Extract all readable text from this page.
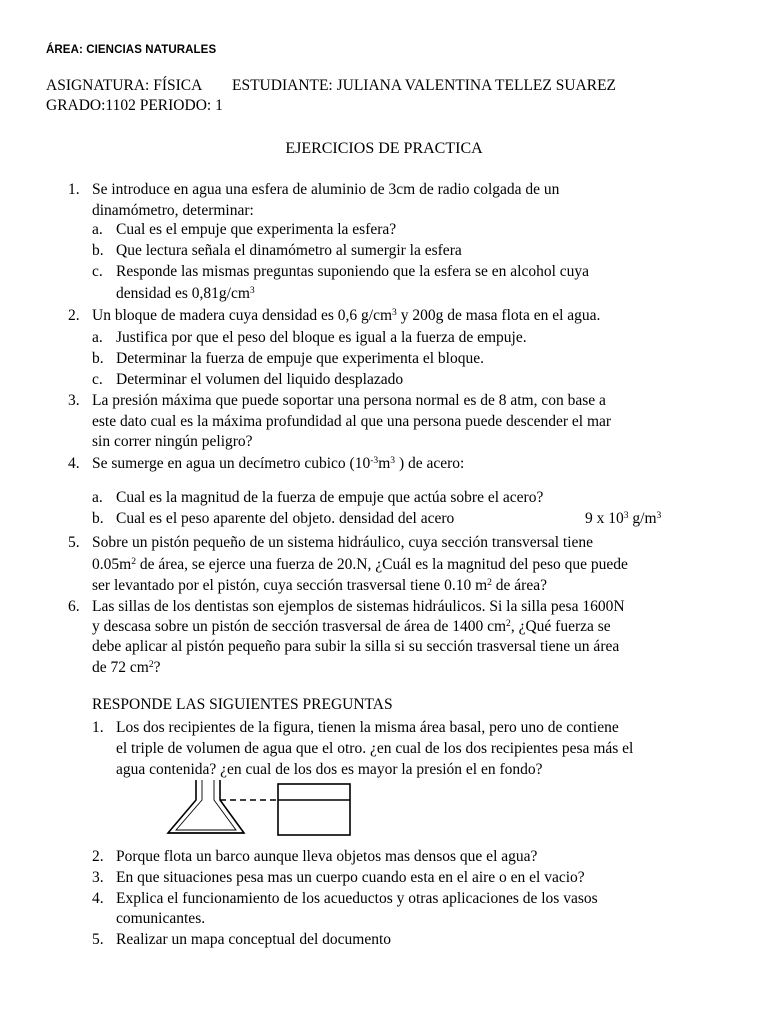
ÁREA: CIENCIAS NATURALES
ASIGNATURA: FÍSICA ESTUDIANTE: JULIANA VALENTINA TELLEZ SUAREZ
GRADO:1102 PERIODO: 1
EJERCICIOS DE PRACTICA
1. Se introduce en agua una esfera de aluminio de 3cm de radio colgada de un
dinamómetro, determinar:
a. Cual es el empuje que experimenta la esfera?
b. Que lectura señala el dinamómetro al sumergir la esfera
c. Responde las mismas preguntas suponiendo que la esfera se en alcohol cuya
densidad es $0,81g/cm^3$
2. Un bloque de madera cuya densidad es 0,6 $g/cm^3$ y 200g de masa flota en el agua.
a. Justifica por que el peso del bloque es igual a la fuerza de empuje.
b. Determinar la fuerza de empuje que experimenta el bloque.
c. Determinar el volumen del liquido desplazado
3. La presión máxima que puede soportar una persona normal es de 8 atm, con base a
este dato cual es la máxima profundidad al que una persona puede descender el mar
sin correr ningún peligro?
4. Se sumerge en agua un decímetro cubico ($10^{-3}m^3$ ) de acero:
a. Cual es la magnitud de la fuerza de empuje que actúa sobre el acero?
b. Cual es el peso aparente del objeto. densidad del acero	9 x $10^3$ $g/m^3$
5. Sobre un pistón pequeño de un sistema hidráulico, cuya sección transversal tiene
$0.05m^2$ de área, se ejerce una fuerza de 20.N, ¿Cuál es la magnitud del peso que puede
ser levantado por el pistón, cuya sección trasversal tiene 0.10 $m^2$ de área?
6. Las sillas de los dentistas son ejemplos de sistemas hidráulicos. Si la silla pesa 1600N
y descasa sobre un pistón de sección trasversal de área de 1400 $cm^2$, ¿Qué fuerza se
debe aplicar al pistón pequeño para subir la silla si su sección trasversal tiene un área
de 72 $cm^2$?
RESPONDE LAS SIGUIENTES PREGUNTAS
1. Los dos recipientes de la figura, tienen la misma área basal, pero uno de contiene
el triple de volumen de agua que el otro. ¿en cual de los dos recipientes pesa más el
agua contenida? ¿en cual de los dos es mayor la presión el en fondo?
2. Porque flota un barco aunque lleva objetos mas densos que el agua?
3. En que situaciones pesa mas un cuerpo cuando esta en el aire o en el vacio?
4. Explica el funcionamiento de los acueductos y otras aplicaciones de los vasos
comunicantes.
5. Realizar un mapa conceptual del documento
